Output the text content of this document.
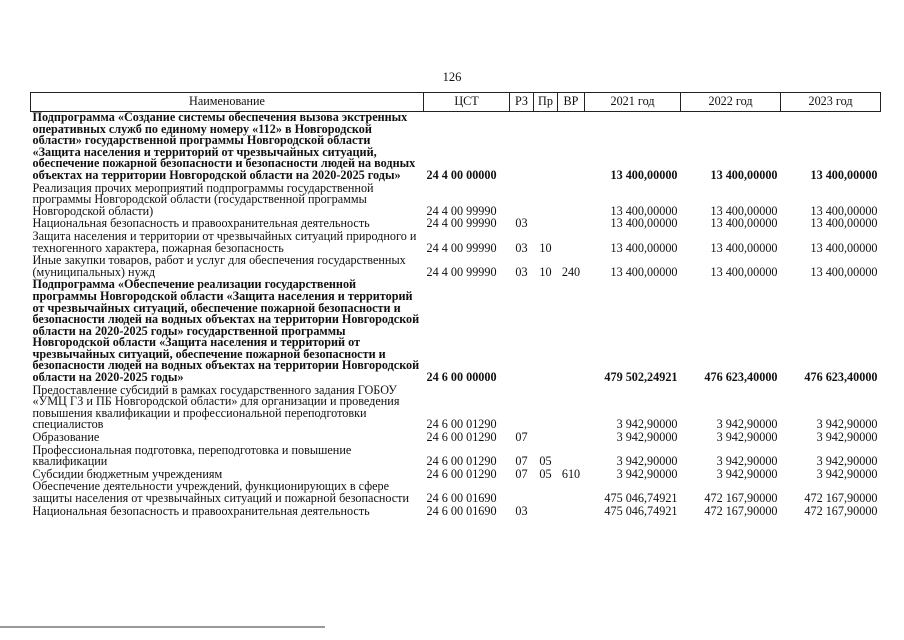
126
Наименование	ЦСТ	РЗ	Пр	ВР	2021 год	2022 год	2023 год
Подпрограмма «Создание системы обеспечения вызова экстренных оперативных служб по единому номеру «112» в Новгородской области» государственной программы Новгородской области «Защита населения и территорий от чрезвычайных ситуаций, обеспечение пожарной безопасности и безопасности людей на водных объектах на территории Новгородской области на 2020-2025 годы»	24 4 00 00000				13 400,00000	13 400,00000	13 400,00000
Реализация прочих мероприятий подпрограммы государственной программы Новгородской области (государственной программы Новгородской области)	24 4 00 99990				13 400,00000	13 400,00000	13 400,00000
Национальная безопасность и правоохранительная деятельность	24 4 00 99990	03			13 400,00000	13 400,00000	13 400,00000
Защита населения и территории от чрезвычайных ситуаций природного и техногенного характера, пожарная безопасность	24 4 00 99990	03	10		13 400,00000	13 400,00000	13 400,00000
Иные закупки товаров, работ и услуг для обеспечения государственных (муниципальных) нужд	24 4 00 99990	03	10	240	13 400,00000	13 400,00000	13 400,00000
Подпрограмма «Обеспечение реализации государственной программы Новгородской области «Защита населения и территорий от чрезвычайных ситуаций, обеспечение пожарной безопасности и безопасности людей на водных объектах на территории Новгородской области на 2020-2025 годы» государственной программы Новгородской области «Защита населения и территорий от чрезвычайных ситуаций, обеспечение пожарной безопасности и безопасности людей на водных объектах на территории Новгородской области на 2020-2025 годы»	24 6 00 00000				479 502,24921	476 623,40000	476 623,40000
Предоставление субсидий в рамках государственного задания ГОБОУ «УМЦ ГЗ и ПБ Новгородской области» для организации и проведения повышения квалификации и профессиональной переподготовки специалистов	24 6 00 01290				3 942,90000	3 942,90000	3 942,90000
Образование	24 6 00 01290	07			3 942,90000	3 942,90000	3 942,90000
Профессиональная подготовка, переподготовка и повышение квалификации	24 6 00 01290	07	05		3 942,90000	3 942,90000	3 942,90000
Субсидии бюджетным учреждениям	24 6 00 01290	07	05	610	3 942,90000	3 942,90000	3 942,90000
Обеспечение деятельности учреждений, функционирующих в сфере защиты населения от чрезвычайных ситуаций и пожарной безопасности	24 6 00 01690				475 046,74921	472 167,90000	472 167,90000
Национальная безопасность и правоохранительная деятельность	24 6 00 01690	03			475 046,74921	472 167,90000	472 167,90000
